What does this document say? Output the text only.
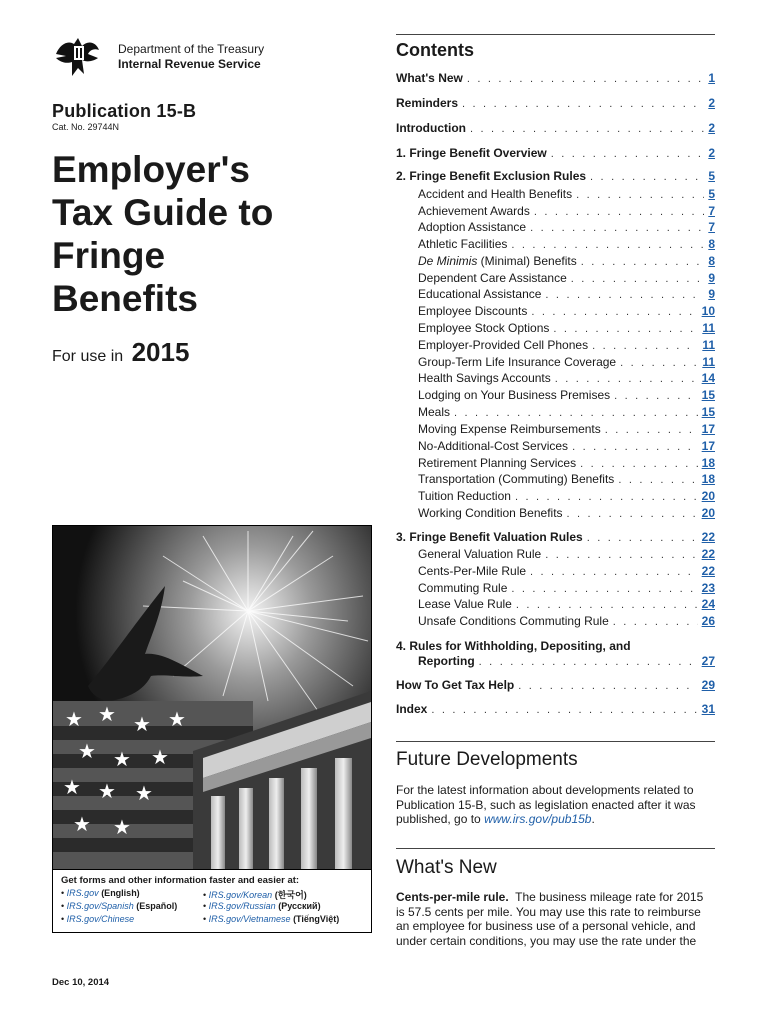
Department of the Treasury
Internal Revenue Service
Publication 15-B
Cat. No. 29744N
Employer's
Tax Guide to
Fringe
Benefits
For use in 2015
★ ★ ★ ★
★ ★ ★
★ ★ ★
★ ★
Get forms and other information faster and easier at:
• IRS.gov (English)
• IRS.gov/Spanish (Español)
• IRS.gov/Chinese
• IRS.gov/Korean (한국어)
• IRS.gov/Russian (Pусский)
• IRS.gov/Vietnamese (TiếngViệt)
Dec 10, 2014
Contents
What's New . . .	1
Reminders . . .	2
Introduction . . .	2
1. Fringe Benefit Overview . . .	2
2. Fringe Benefit Exclusion Rules . . .	5
Accident and Health Benefits . . .	5
Achievement Awards . . .	7
Adoption Assistance . . .	7
Athletic Facilities . . .	8
De Minimis (Minimal) Benefits . . .	8
Dependent Care Assistance . . .	9
Educational Assistance . . .	9
Employee Discounts . . .	10
Employee Stock Options . . .	11
Employer-Provided Cell Phones . . .	11
Group-Term Life Insurance Coverage . . .	11
Health Savings Accounts . . .	14
Lodging on Your Business Premises . . .	15
Meals . . .	15
Moving Expense Reimbursements . . .	17
No-Additional-Cost Services . . .	17
Retirement Planning Services . . .	18
Transportation (Commuting) Benefits . . .	18
Tuition Reduction . . .	20
Working Condition Benefits . . .	20
3. Fringe Benefit Valuation Rules . . .	22
General Valuation Rule . . .	22
Cents-Per-Mile Rule . . .	22
Commuting Rule . . .	23
Lease Value Rule . . .	24
Unsafe Conditions Commuting Rule . . .	26
4. Rules for Withholding, Depositing, and
Reporting . . .	27
How To Get Tax Help . . .	29
Index . . .	31
Future Developments

For the latest information about developments related to
Publication 15-B, such as legislation enacted after it was
published, go to www.irs.gov/pub15b.

What's New

Cents-per-mile rule.  The business mileage rate for 2015
is 57.5 cents per mile. You may use this rate to reimburse
an employee for business use of a personal vehicle, and
under certain conditions, you may use the rate under the
